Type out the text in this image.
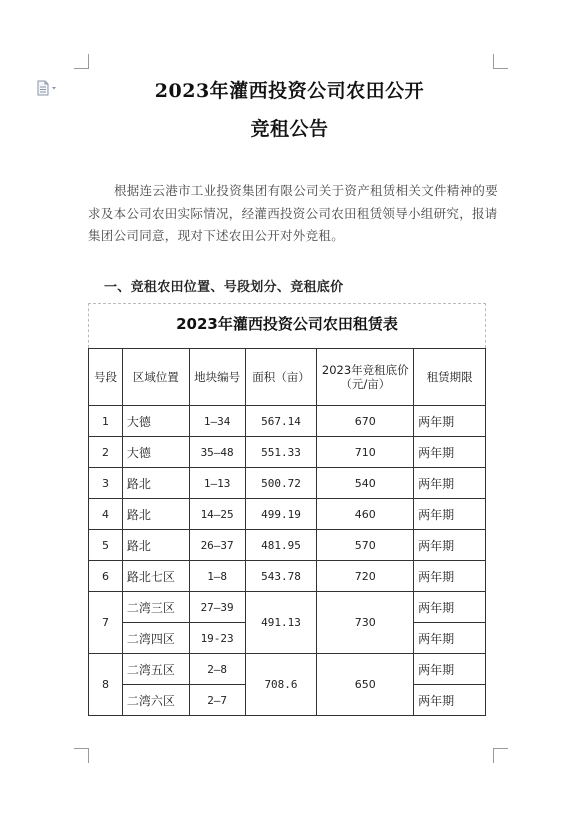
2023年灌西投资公司农田公开
竞租公告
根据连云港市工业投资集团有限公司关于资产租赁相关文件精神的要求及本公司农田实际情况，经灌西投资公司农田租赁领导小组研究，报请集团公司同意，现对下述农田公开对外竞租。
一、竞租农田位置、号段划分、竞租底价
2023年灌西投资公司农田租赁表
号段	区域位置	地块编号	面积（亩）	2023年竞租底价（元/亩）	租赁期限
1	大德	1—34	567.14	670	两年期
2	大德	35—48	551.33	710	两年期
3	路北	1—13	500.72	540	两年期
4	路北	14—25	499.19	460	两年期
5	路北	26—37	481.95	570	两年期
6	路北七区	1—8	543.78	720	两年期
7	二湾三区	27—39	491.13	730	两年期
	二湾四区	19-23			两年期
8	二湾五区	2—8	708.6	650	两年期
	二湾六区	2—7			两年期
